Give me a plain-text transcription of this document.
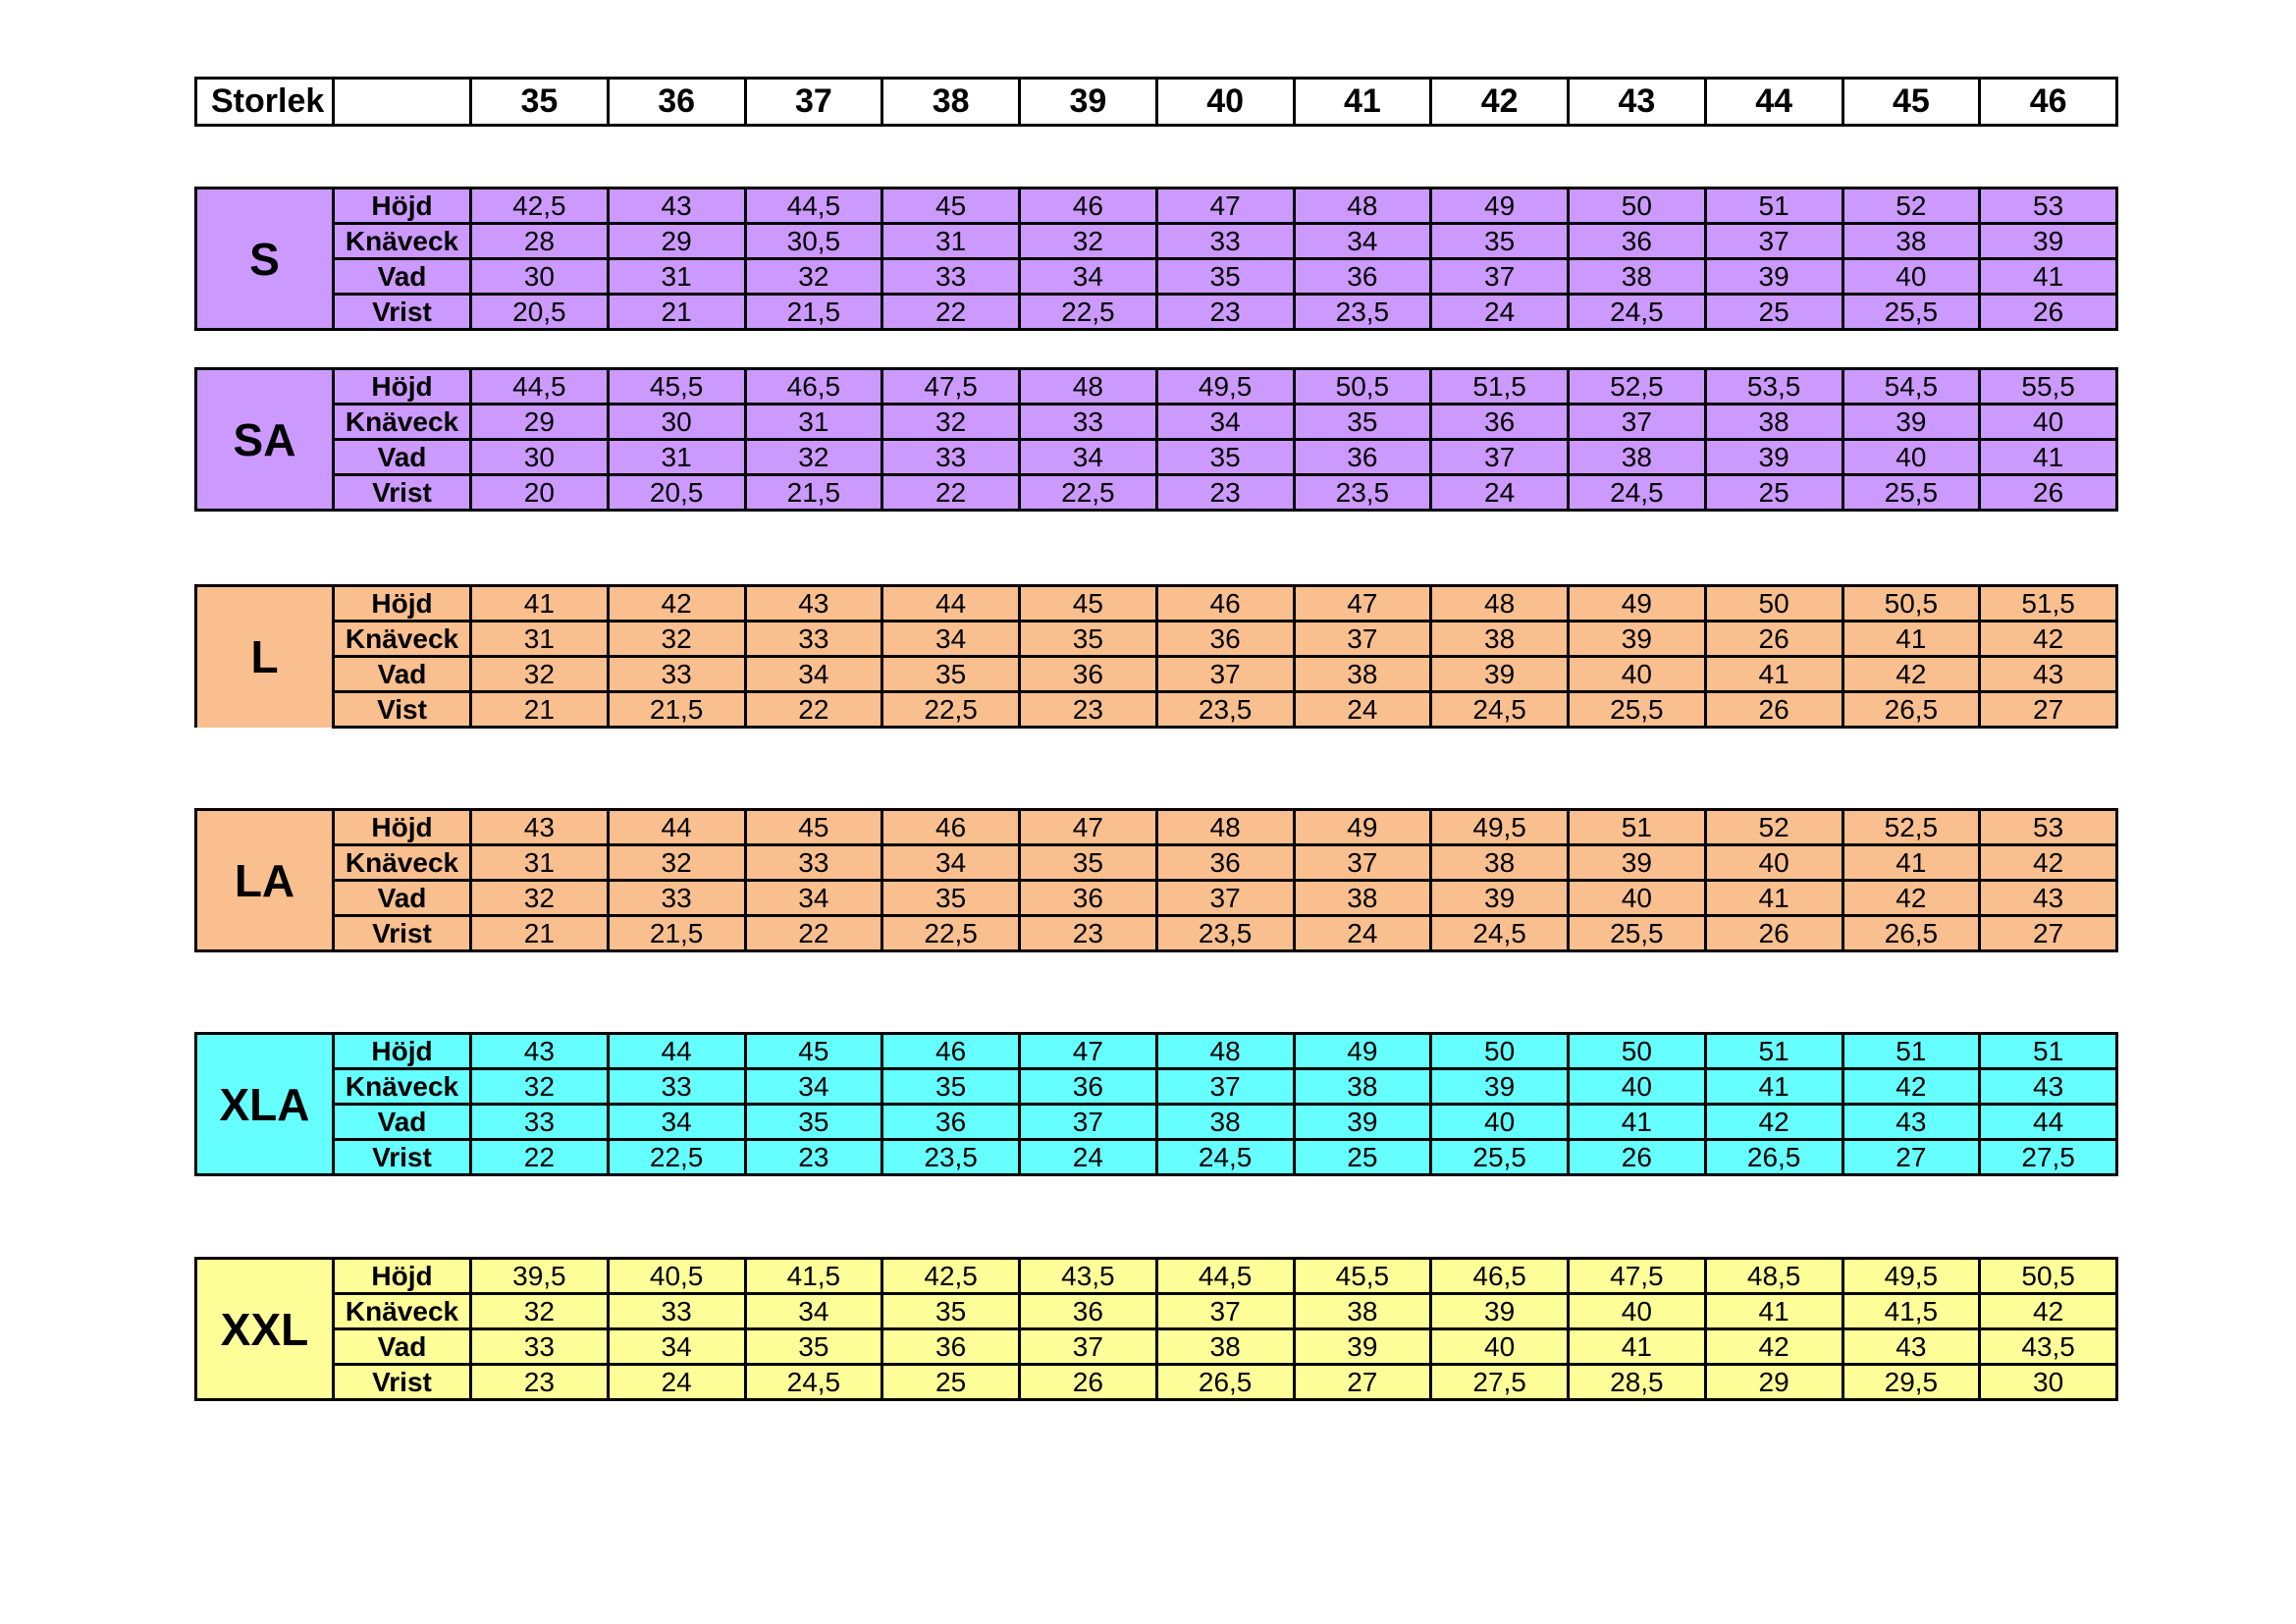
Storlek		35	36	37	38	39	40	41	42	43	44	45	46
S	Höjd	42,5	43	44,5	45	46	47	48	49	50	51	52	53
	Knäveck	28	29	30,5	31	32	33	34	35	36	37	38	39
	Vad	30	31	32	33	34	35	36	37	38	39	40	41
	Vrist	20,5	21	21,5	22	22,5	23	23,5	24	24,5	25	25,5	26
SA	Höjd	44,5	45,5	46,5	47,5	48	49,5	50,5	51,5	52,5	53,5	54,5	55,5
	Knäveck	29	30	31	32	33	34	35	36	37	38	39	40
	Vad	30	31	32	33	34	35	36	37	38	39	40	41
	Vrist	20	20,5	21,5	22	22,5	23	23,5	24	24,5	25	25,5	26
L	Höjd	41	42	43	44	45	46	47	48	49	50	50,5	51,5
	Knäveck	31	32	33	34	35	36	37	38	39	26	41	42
	Vad	32	33	34	35	36	37	38	39	40	41	42	43
	Vist	21	21,5	22	22,5	23	23,5	24	24,5	25,5	26	26,5	27
LA	Höjd	43	44	45	46	47	48	49	49,5	51	52	52,5	53
	Knäveck	31	32	33	34	35	36	37	38	39	40	41	42
	Vad	32	33	34	35	36	37	38	39	40	41	42	43
	Vrist	21	21,5	22	22,5	23	23,5	24	24,5	25,5	26	26,5	27
XLA	Höjd	43	44	45	46	47	48	49	50	50	51	51	51
	Knäveck	32	33	34	35	36	37	38	39	40	41	42	43
	Vad	33	34	35	36	37	38	39	40	41	42	43	44
	Vrist	22	22,5	23	23,5	24	24,5	25	25,5	26	26,5	27	27,5
XXL	Höjd	39,5	40,5	41,5	42,5	43,5	44,5	45,5	46,5	47,5	48,5	49,5	50,5
	Knäveck	32	33	34	35	36	37	38	39	40	41	41,5	42
	Vad	33	34	35	36	37	38	39	40	41	42	43	43,5
	Vrist	23	24	24,5	25	26	26,5	27	27,5	28,5	29	29,5	30
